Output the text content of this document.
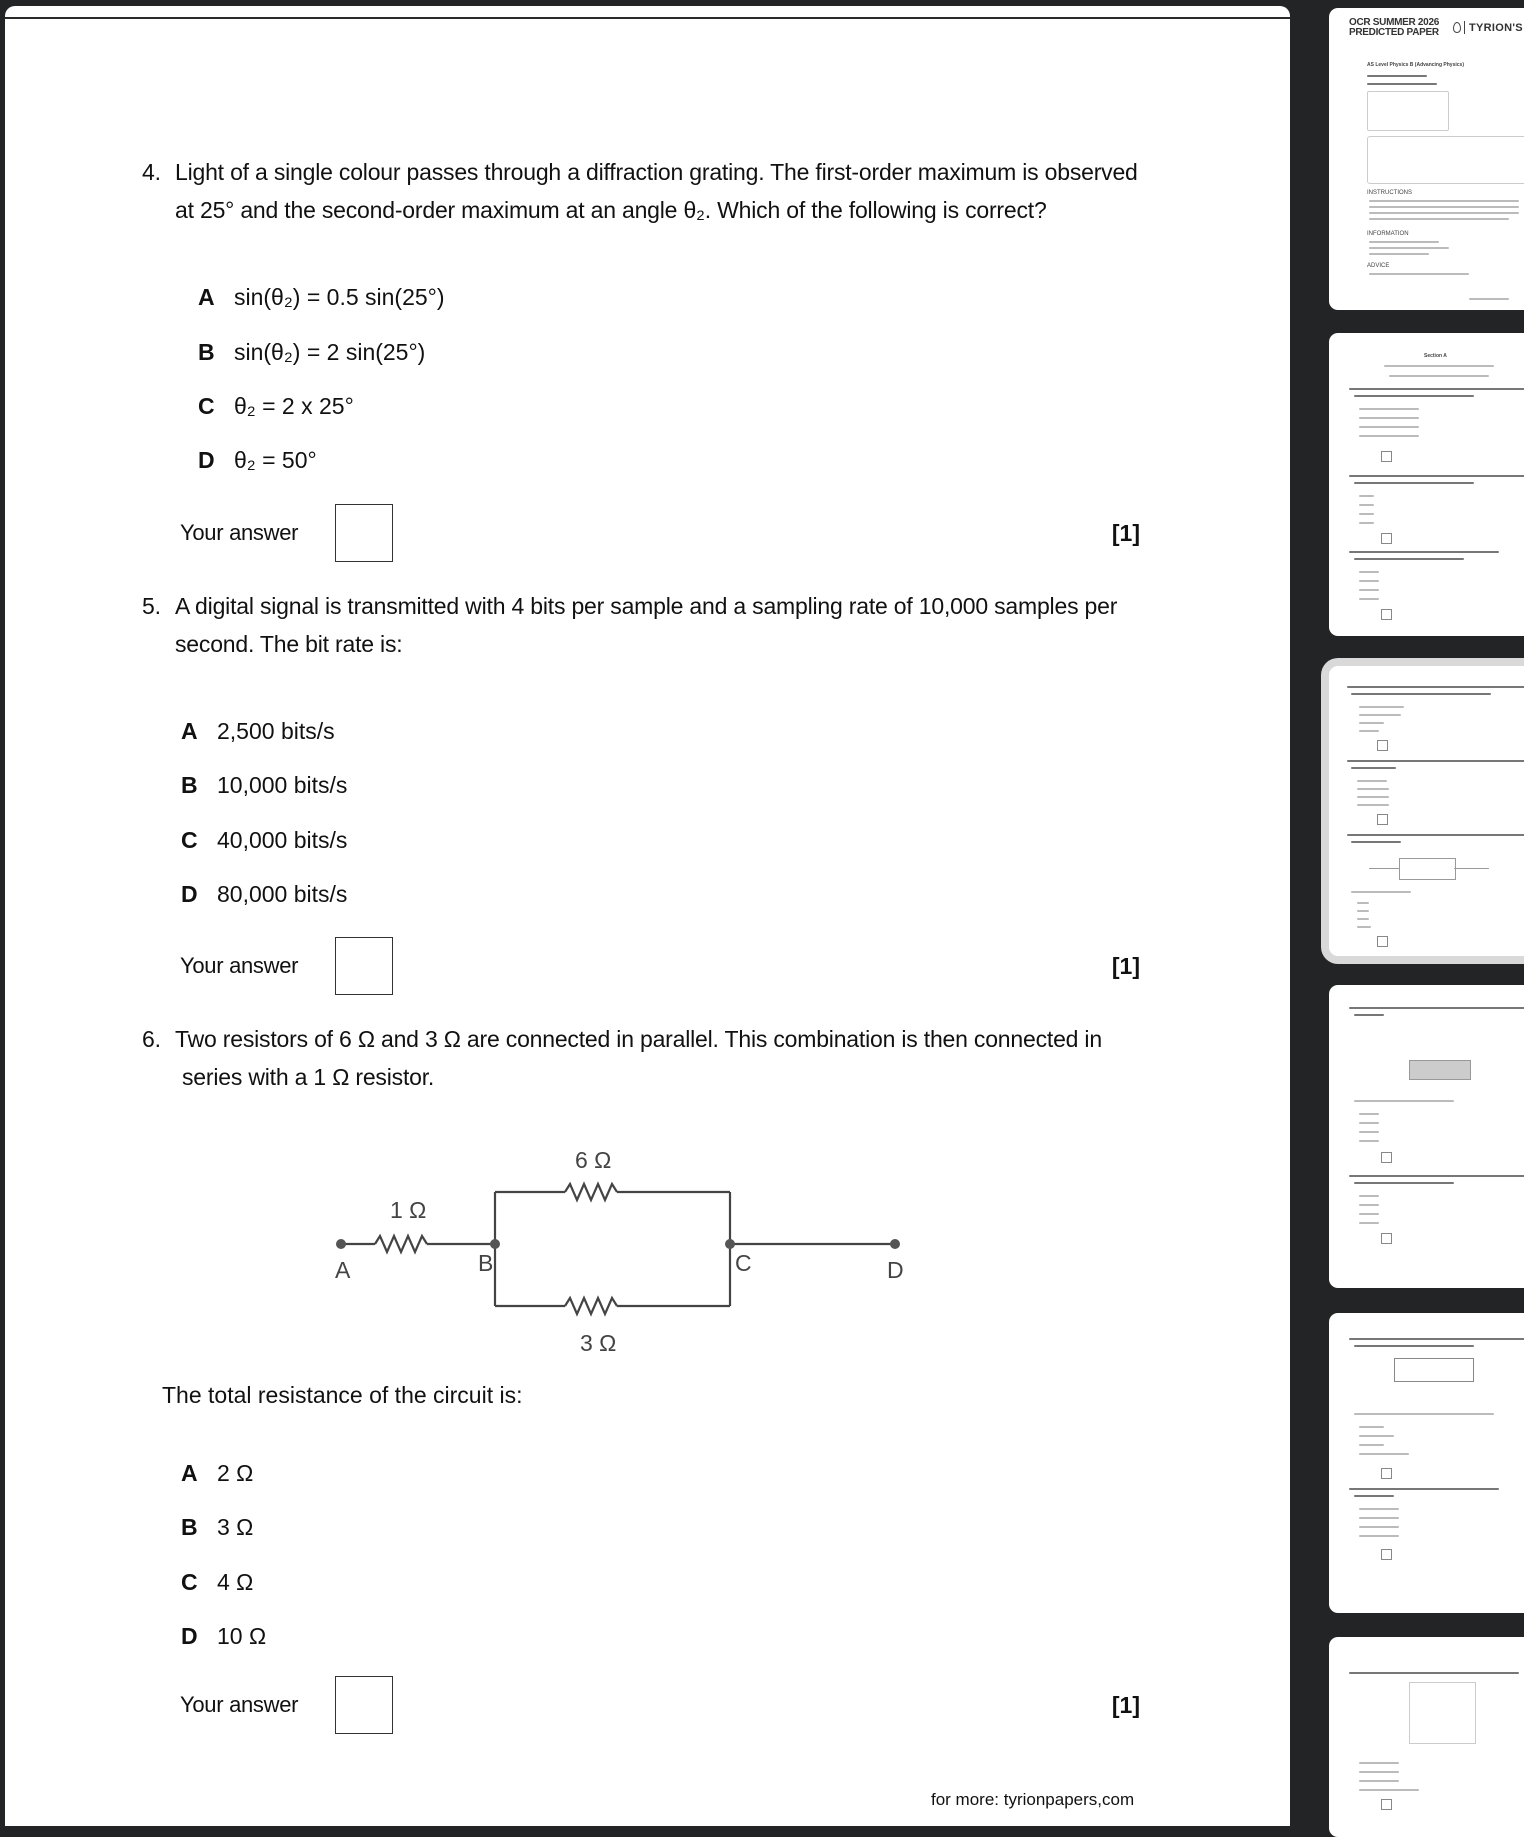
4. Light of a single colour passes through a diffraction grating. The first-order maximum is observed
at 25° and the second-order maximum at an angle θ₂. Which of the following is correct?
A sin(θ₂) = 0.5 sin(25°)
B sin(θ₂) = 2 sin(25°)
C θ₂ = 2 x 25°
D θ₂ = 50°
Your answer	[1]
5. A digital signal is transmitted with 4 bits per sample and a sampling rate of 10,000 samples per
second. The bit rate is:
A 2,500 bits/s
B 10,000 bits/s
C 40,000 bits/s
D 80,000 bits/s
Your answer	[1]
6. Two resistors of 6 Ω and 3 Ω are connected in parallel. This combination is then connected in
series with a 1 Ω resistor.
1 Ω
6 Ω
3 Ω
A	B	C	D
The total resistance of the circuit is:
A 2 Ω
B 3 Ω
C 4 Ω
D 10 Ω
Your answer	[1]
for more: tyrionpapers,com
OCR SUMMER 2026
PREDICTED PAPER	TYRION'S
AS Level Physics B (Advancing Physics)
INSTRUCTIONS
INFORMATION
ADVICE
Section A
